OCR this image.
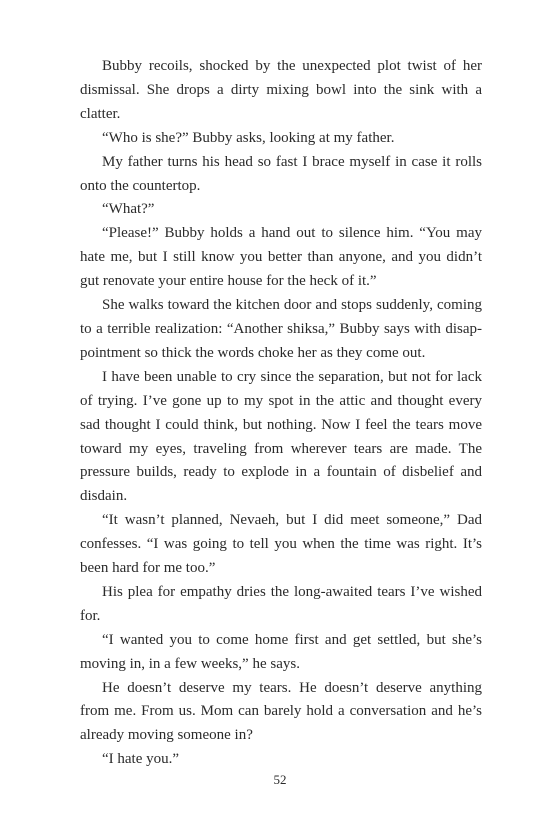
Bubby recoils, shocked by the unexpected plot twist of her dismissal. She drops a dirty mixing bowl into the sink with a clatter.

“Who is she?” Bubby asks, looking at my father.

My father turns his head so fast I brace myself in case it rolls onto the countertop.

“What?”

“Please!” Bubby holds a hand out to silence him. “You may hate me, but I still know you better than anyone, and you didn’t gut renovate your entire house for the heck of it.”

She walks toward the kitchen door and stops suddenly, coming to a terrible realization: “Another shiksa,” Bubby says with disappointment so thick the words choke her as they come out.

I have been unable to cry since the separation, but not for lack of trying. I’ve gone up to my spot in the attic and thought every sad thought I could think, but nothing. Now I feel the tears move toward my eyes, traveling from wherever tears are made. The pressure builds, ready to explode in a fountain of disbelief and disdain.

“It wasn’t planned, Nevaeh, but I did meet someone,” Dad confesses. “I was going to tell you when the time was right. It’s been hard for me too.”

His plea for empathy dries the long-awaited tears I’ve wished for.

“I wanted you to come home first and get settled, but she’s moving in, in a few weeks,” he says.

He doesn’t deserve my tears. He doesn’t deserve anything from me. From us. Mom can barely hold a conversation and he’s already moving someone in?

“I hate you.”

52
